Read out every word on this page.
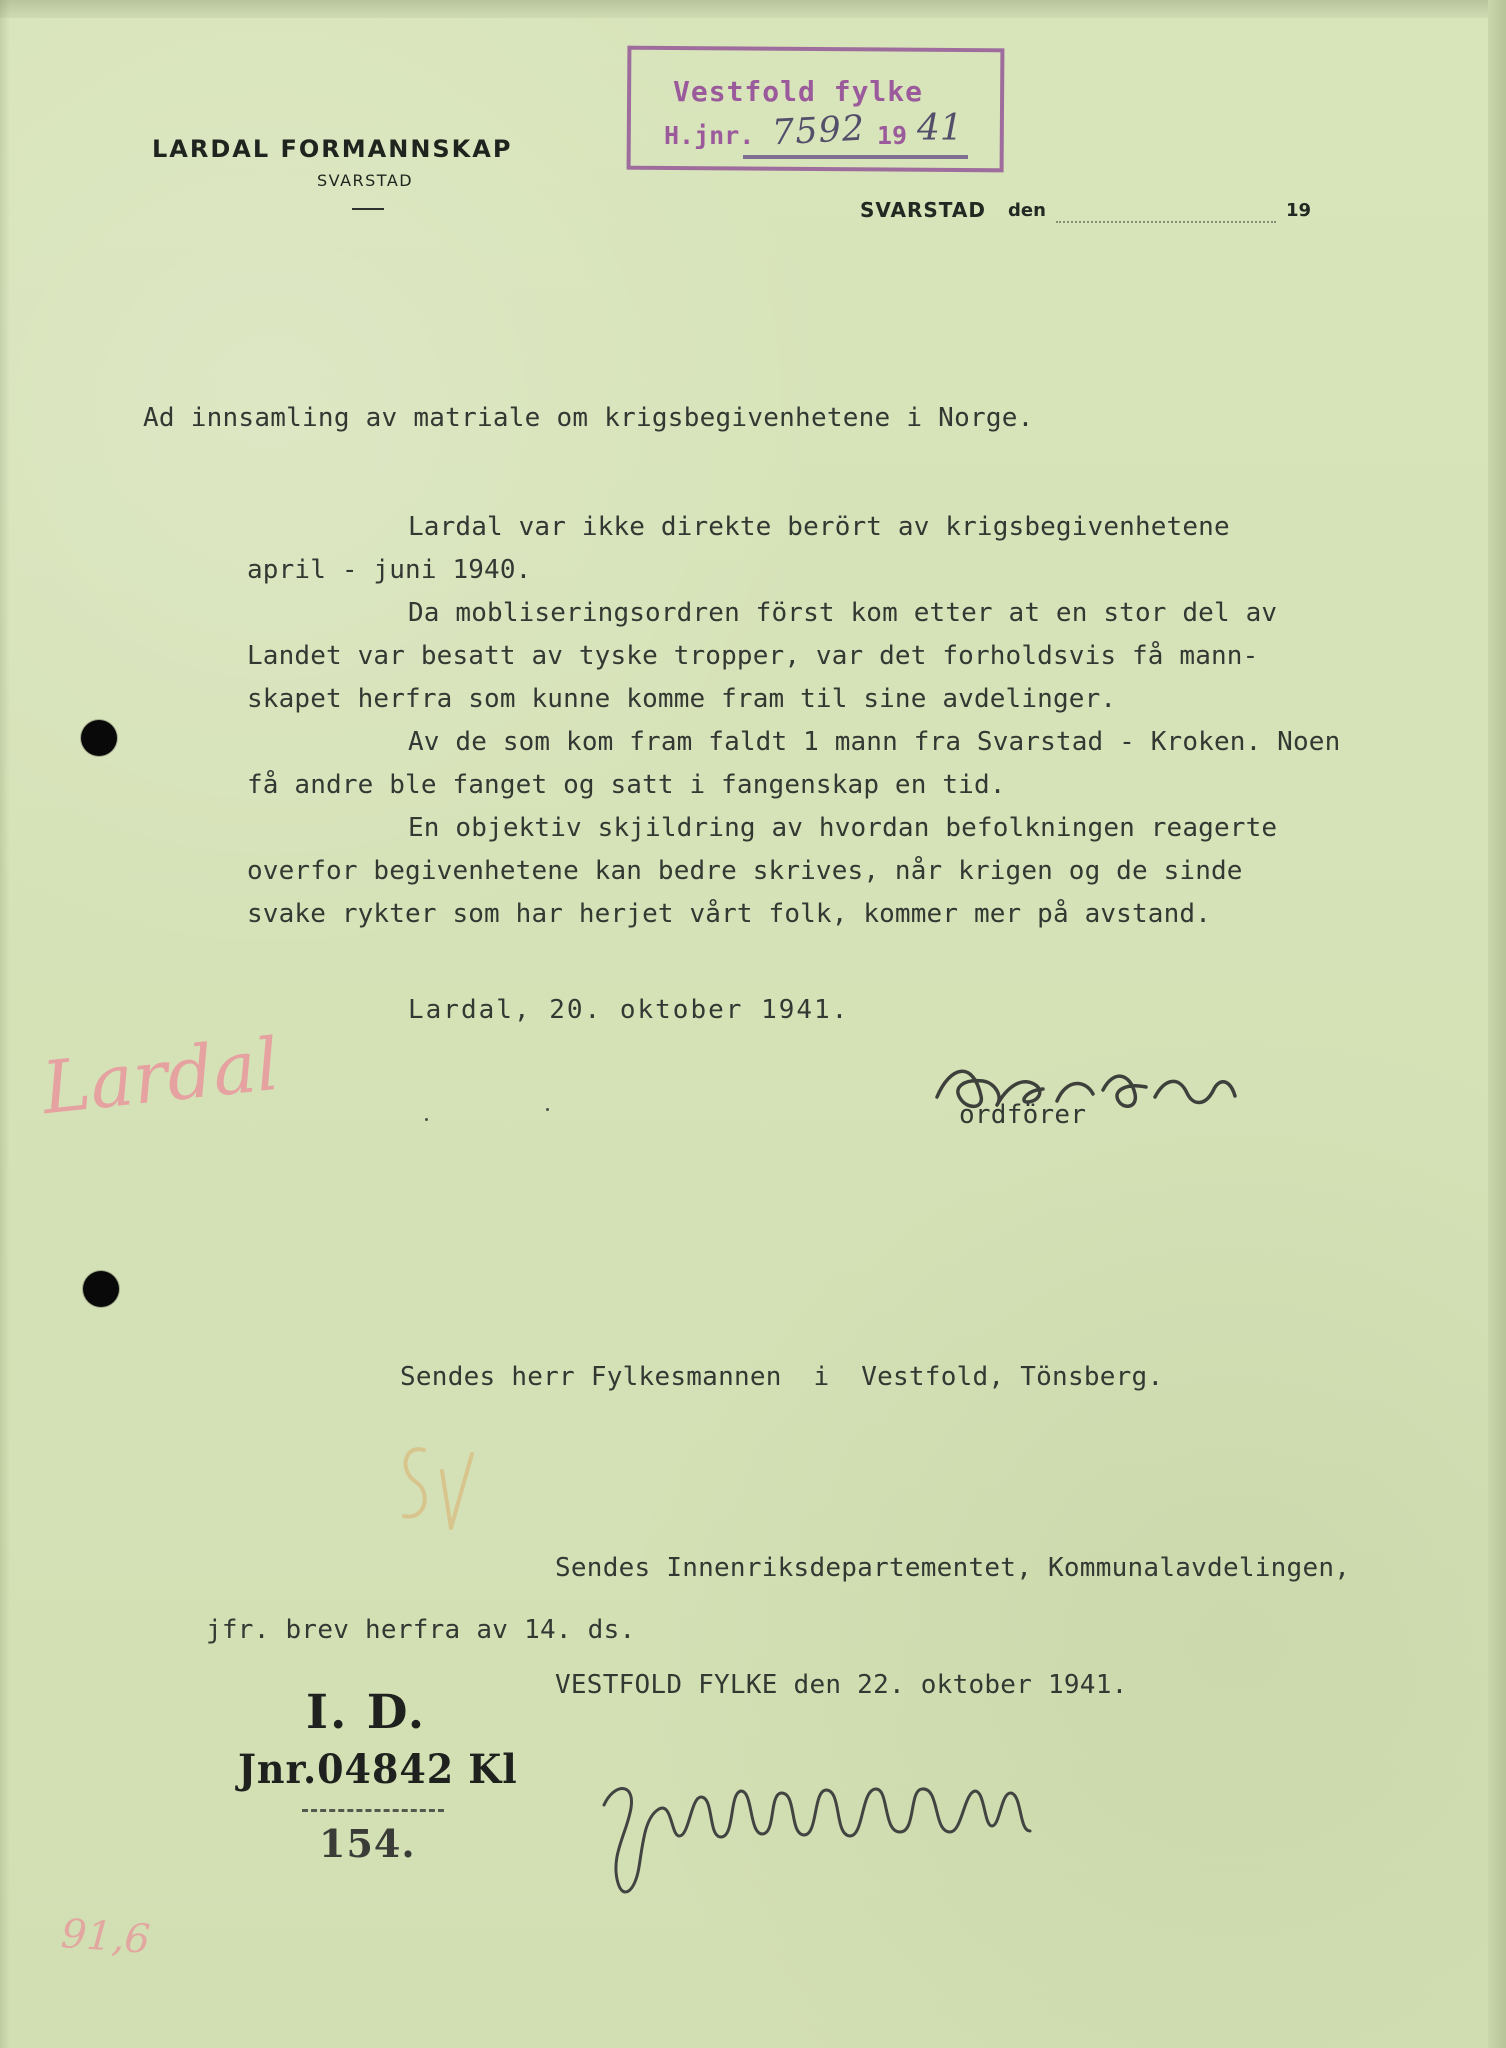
LARDAL FORMANNSKAP
SVARSTAD
SVARSTAD den	19
Vestfold fylke
H.jnr. 7592 19 41
Ad innsamling av matriale om krigsbegivenhetene i Norge.
Lardal var ikke direkte berört av krigsbegivenhetene
april - juni 1940.
Da mobliseringsordren först kom etter at en stor del av
Landet var besatt av tyske tropper, var det forholdsvis få mann-
skapet herfra som kunne komme fram til sine avdelinger.
Av de som kom fram faldt 1 mann fra Svarstad - Kroken. Noen
få andre ble fanget og satt i fangenskap en tid.
En objektiv skjildring av hvordan befolkningen reagerte
overfor begivenhetene kan bedre skrives, når krigen og de sinde
svake rykter som har herjet vårt folk, kommer mer på avstand.
Lardal, 20. oktober 1941.
ordförer
Lardal
Sendes herr Fylkesmannen  i  Vestfold, Tönsberg.
Sendes Innenriksdepartementet, Kommunalavdelingen,
jfr. brev herfra av 14. ds.
VESTFOLD FYLKE den 22. oktober 1941.
I. D.
Jnr.04842 Kl
154.
91,6
